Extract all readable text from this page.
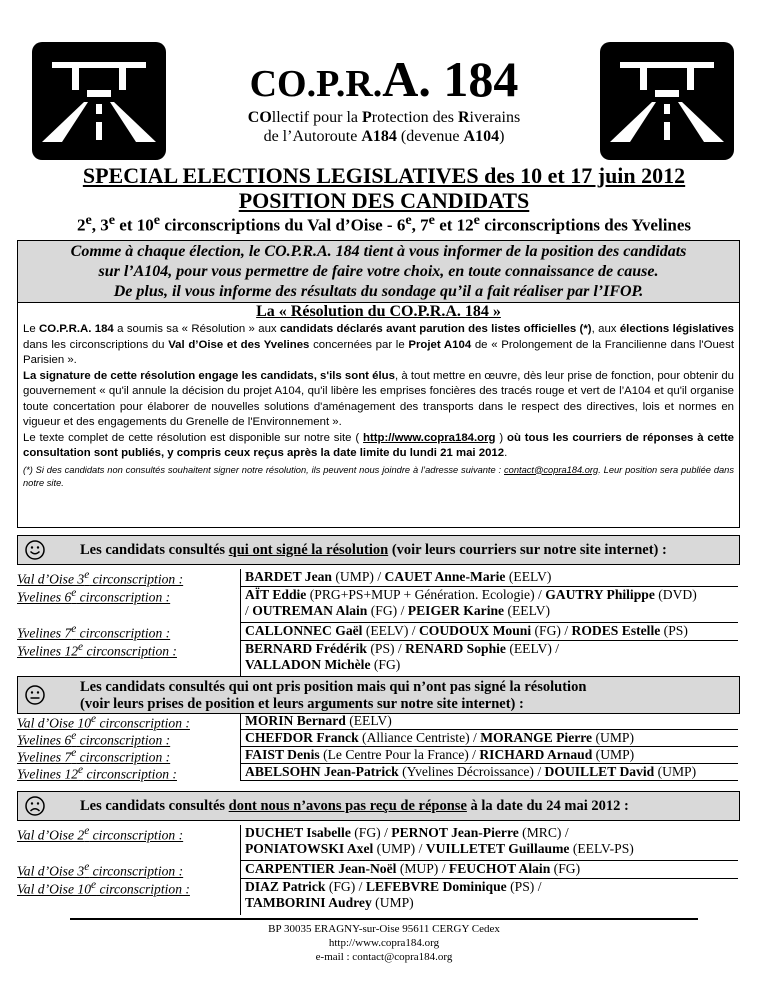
CO.P.R.A. 184
COllectif pour la Protection des Riverains
de l’Autoroute A184 (devenue A104)
SPECIAL ELECTIONS LEGISLATIVES des 10 et 17 juin 2012
POSITION DES CANDIDATS
2e, 3e et 10e circonscriptions du Val d’Oise - 6e, 7e et 12e circonscriptions des Yvelines
Comme à chaque élection, le CO.P.R.A. 184 tient à vous informer de la position des candidats
sur l’A104, pour vous permettre de faire votre choix, en toute connaissance de cause.
De plus, il vous informe des résultats du sondage qu’il a fait réaliser par l’IFOP.
La « Résolution du CO.P.R.A. 184 »

Le CO.P.R.A. 184 a soumis sa « Résolution » aux candidats déclarés avant parution des listes officielles (*), aux élections législatives dans les circonscriptions du Val d’Oise et des Yvelines concernées par le Projet A104 de « Prolongement de la Francilienne dans l'Ouest Parisien ».

La signature de cette résolution engage les candidats, s'ils sont élus, à tout mettre en œuvre, dès leur prise de fonction, pour obtenir du gouvernement « qu'il annule la décision du projet A104, qu'il libère les emprises foncières des tracés rouge et vert de l’A104 et qu'il organise toute concertation pour élaborer de nouvelles solutions d'aménagement des transports dans le respect des directives, lois et normes en vigueur et des engagements du Grenelle de l'Environnement ».

Le texte complet de cette résolution est disponible sur notre site ( http://www.copra184.org ) où tous les courriers de réponses à cette consultation sont publiés, y compris ceux reçus après la date limite du lundi 21 mai 2012.

(*) Si des candidats non consultés souhaitent signer notre résolution, ils peuvent nous joindre à l’adresse suivante : contact@copra184.org. Leur position sera publiée dans notre site.

Les candidats consultés qui ont signé la résolution (voir leurs courriers sur notre site internet) :
Val d’Oise 3e circonscription :	BARDET Jean (UMP) / CAUET Anne-Marie (EELV)
Yvelines 6e circonscription :	AÏT Eddie (PRG+PS+MUP + Génération. Ecologie) / GAUTRY Philippe (DVD)
/ OUTREMAN Alain (FG) / PEIGER Karine (EELV)
Yvelines 7e circonscription :	CALLONNEC Gaël (EELV) / COUDOUX Mouni (FG) / RODES Estelle (PS)
Yvelines 12e circonscription :	BERNARD Frédérik (PS) / RENARD Sophie (EELV) /
VALLADON Michèle (FG)
Les candidats consultés qui ont pris position mais qui n’ont pas signé la résolution
(voir leurs prises de position et leurs arguments sur notre site internet) :
Val d’Oise 10e circonscription :	MORIN Bernard (EELV)
Yvelines 6e circonscription :	CHEFDOR Franck (Alliance Centriste) / MORANGE Pierre (UMP)
Yvelines 7e circonscription :	FAIST Denis (Le Centre Pour la France) / RICHARD Arnaud (UMP)
Yvelines 12e circonscription :	ABELSOHN Jean-Patrick (Yvelines Décroissance) / DOUILLET David (UMP)
Les candidats consultés dont nous n’avons pas reçu de réponse à la date du 24 mai 2012 :
Val d’Oise 2e circonscription :	DUCHET Isabelle (FG) / PERNOT Jean-Pierre (MRC) /
PONIATOWSKI Axel (UMP) / VUILLETET Guillaume (EELV-PS)
Val d’Oise 3e circonscription :	CARPENTIER Jean-Noël (MUP) / FEUCHOT Alain (FG)
Val d’Oise 10e circonscription :	DIAZ Patrick (FG) / LEFEBVRE Dominique (PS) /
TAMBORINI Audrey (UMP)
BP 30035 ERAGNY-sur-Oise 95611 CERGY Cedex
http://www.copra184.org
e-mail : contact@copra184.org
